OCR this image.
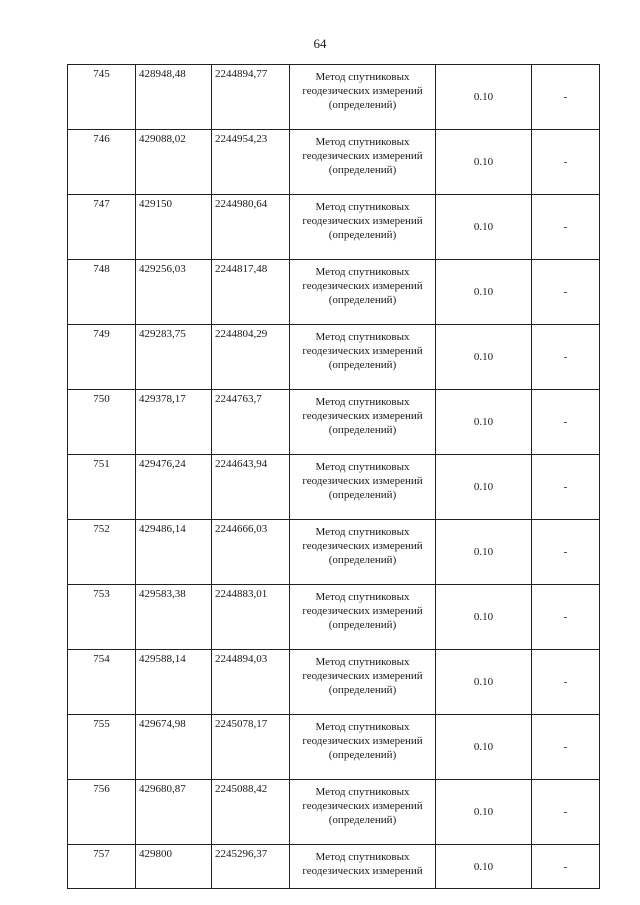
64
745	428948,48	2244894,77	Метод спутниковых
геодезических измерений
(определений)	0.10	-
746	429088,02	2244954,23	Метод спутниковых
геодезических измерений
(определений)	0.10	-
747	429150	2244980,64	Метод спутниковых
геодезических измерений
(определений)	0.10	-
748	429256,03	2244817,48	Метод спутниковых
геодезических измерений
(определений)	0.10	-
749	429283,75	2244804,29	Метод спутниковых
геодезических измерений
(определений)	0.10	-
750	429378,17	2244763,7	Метод спутниковых
геодезических измерений
(определений)	0.10	-
751	429476,24	2244643,94	Метод спутниковых
геодезических измерений
(определений)	0.10	-
752	429486,14	2244666,03	Метод спутниковых
геодезических измерений
(определений)	0.10	-
753	429583,38	2244883,01	Метод спутниковых
геодезических измерений
(определений)	0.10	-
754	429588,14	2244894,03	Метод спутниковых
геодезических измерений
(определений)	0.10	-
755	429674,98	2245078,17	Метод спутниковых
геодезических измерений
(определений)	0.10	-
756	429680,87	2245088,42	Метод спутниковых
геодезических измерений
(определений)	0.10	-
757	429800	2245296,37	Метод спутниковых
геодезических измерений	0.10	-
